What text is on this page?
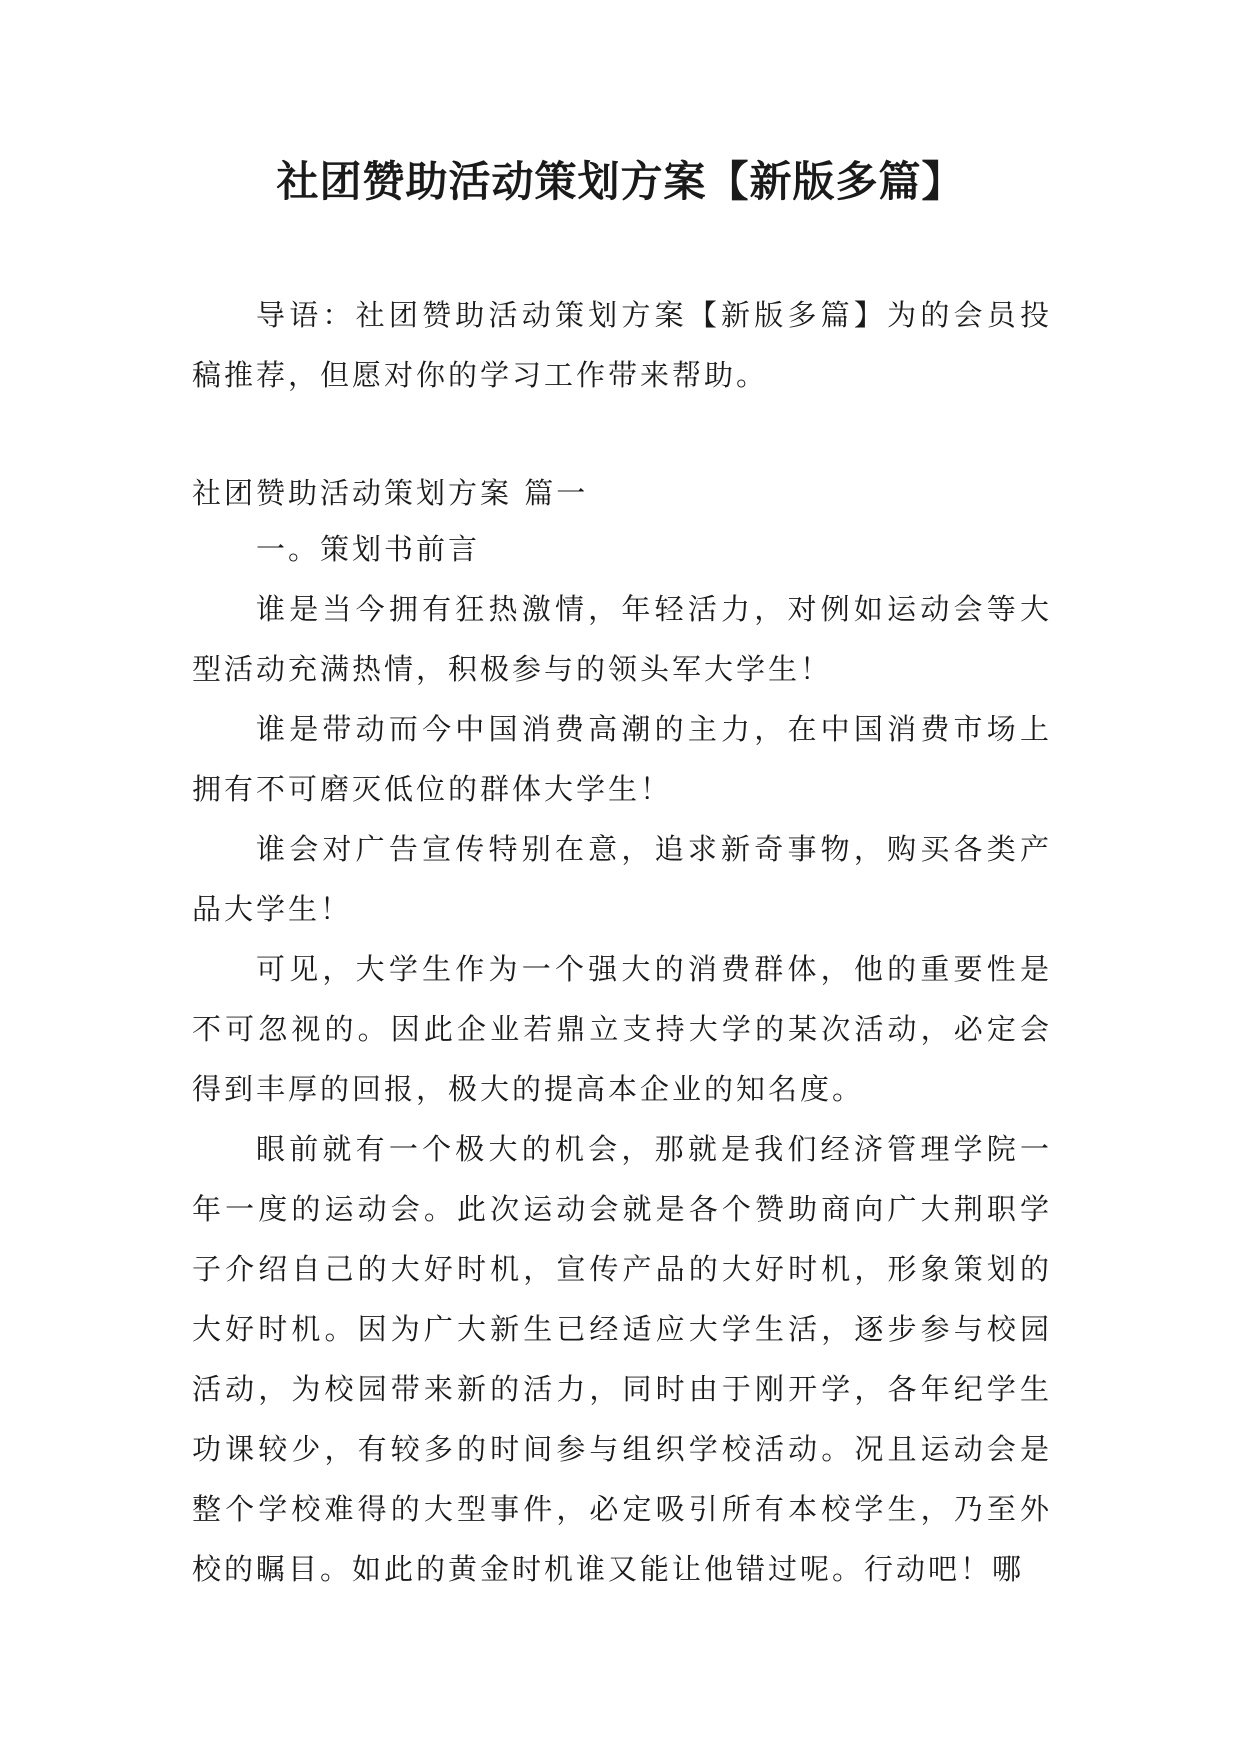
社团赞助活动策划方案【新版多篇】

导语：社团赞助活动策划方案【新版多篇】为的会员投稿推荐，但愿对你的学习工作带来帮助。

社团赞助活动策划方案 篇一

一。策划书前言

谁是当今拥有狂热激情，年轻活力，对例如运动会等大型活动充满热情，积极参与的领头军大学生！

谁是带动而今中国消费高潮的主力，在中国消费市场上拥有不可磨灭低位的群体大学生！

谁会对广告宣传特别在意，追求新奇事物，购买各类产品大学生！

可见，大学生作为一个强大的消费群体，他的重要性是不可忽视的。因此企业若鼎立支持大学的某次活动，必定会得到丰厚的回报，极大的提高本企业的知名度。

眼前就有一个极大的机会，那就是我们经济管理学院一年一度的运动会。此次运动会就是各个赞助商向广大荆职学子介绍自己的大好时机，宣传产品的大好时机，形象策划的大好时机。因为广大新生已经适应大学生活，逐步参与校园活动，为校园带来新的活力，同时由于刚开学，各年纪学生功课较少，有较多的时间参与组织学校活动。况且运动会是整个学校难得的大型事件，必定吸引所有本校学生，乃至外校的瞩目。如此的黄金时机谁又能让他错过呢。行动吧！哪
